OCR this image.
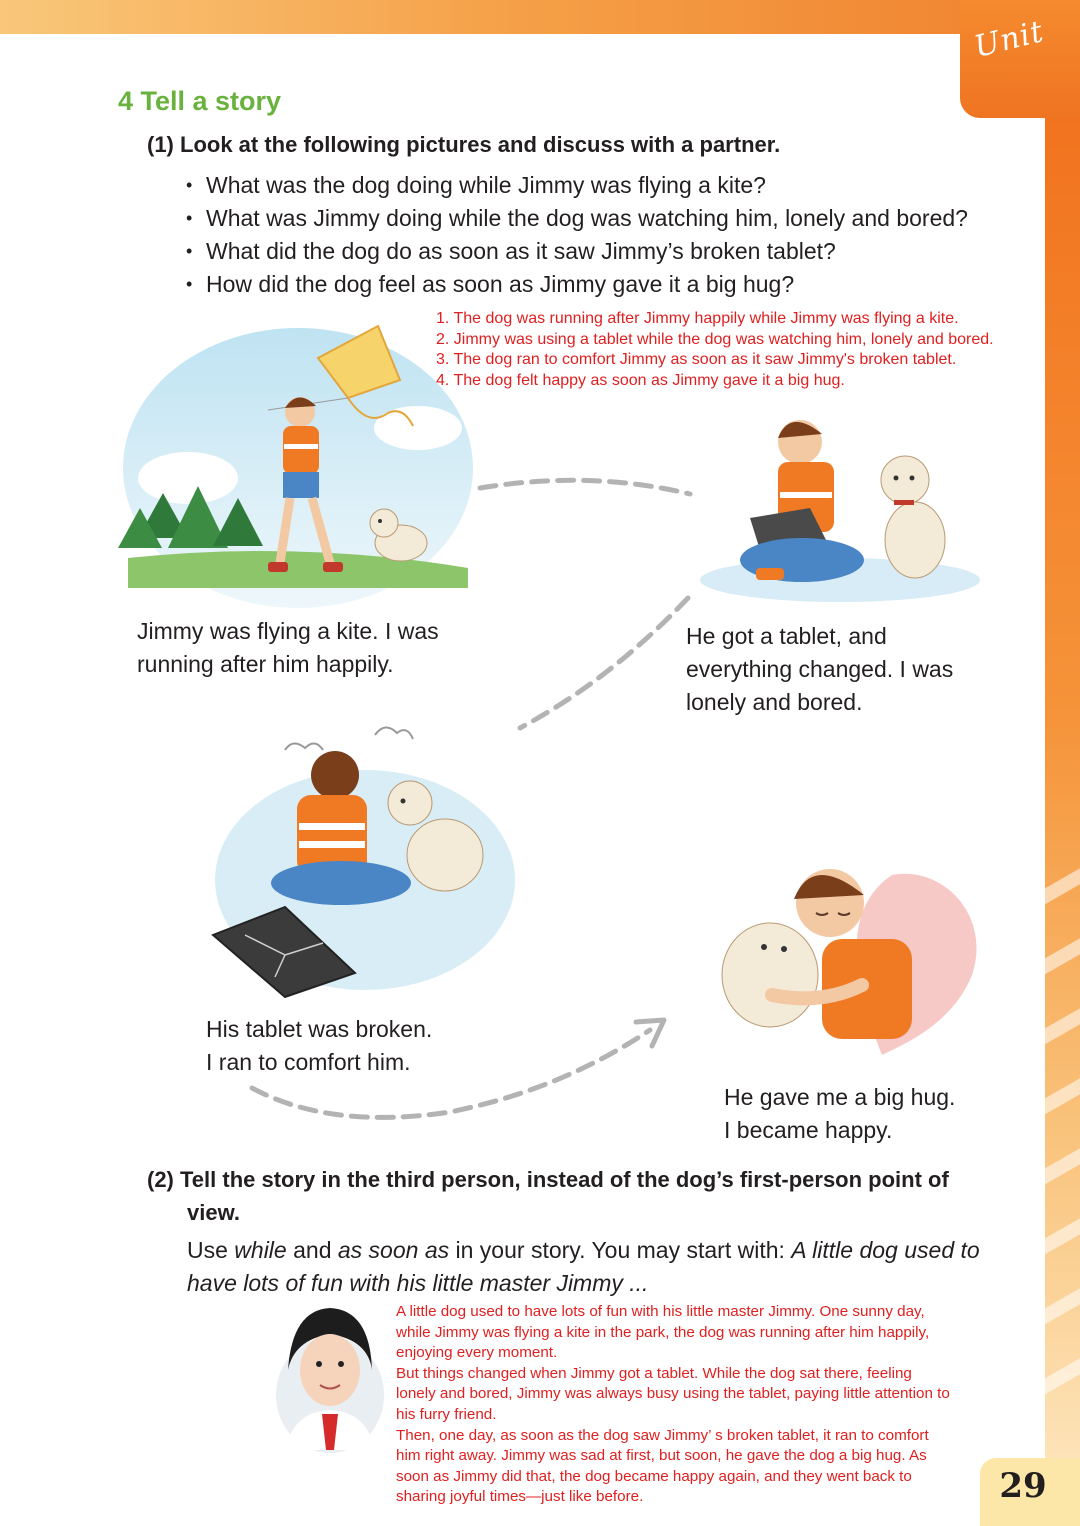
Unit
29
4 Tell a story
(1) Look at the following pictures and discuss with a partner.
• What was the dog doing while Jimmy was flying a kite?
• What was Jimmy doing while the dog was watching him, lonely and bored?
• What did the dog do as soon as it saw Jimmy’s broken tablet?
• How did the dog feel as soon as Jimmy gave it a big hug?
1. The dog was running after Jimmy happily while Jimmy was flying a kite.
2. Jimmy was using a tablet while the dog was watching him, lonely and bored.
3. The dog ran to comfort Jimmy as soon as it saw Jimmy's broken tablet.
4. The dog felt happy as soon as Jimmy gave it a big hug.
Jimmy was flying a kite. I was
running after him happily.
He got a tablet, and
everything changed. I was
lonely and bored.
His tablet was broken.
I ran to comfort him.
He gave me a big hug.
I became happy.
(2) Tell the story in the third person, instead of the dog’s first-person point of
view.
Use while and as soon as in your story. You may start with: A little dog used to
have lots of fun with his little master Jimmy ...

A little dog used to have lots of fun with his little master Jimmy. One sunny day,

while Jimmy was flying a kite in the park, the dog was running after him happily,

enjoying every moment.

But things changed when Jimmy got a tablet. While the dog sat there, feeling

lonely and bored, Jimmy was always busy using the tablet, paying little attention to

his furry friend.

Then, one day, as soon as the dog saw Jimmy’ s broken tablet, it ran to comfort

him right away. Jimmy was sad at first, but soon, he gave the dog a big hug. As

soon as Jimmy did that, the dog became happy again, and they went back to

sharing joyful times—just like before.
